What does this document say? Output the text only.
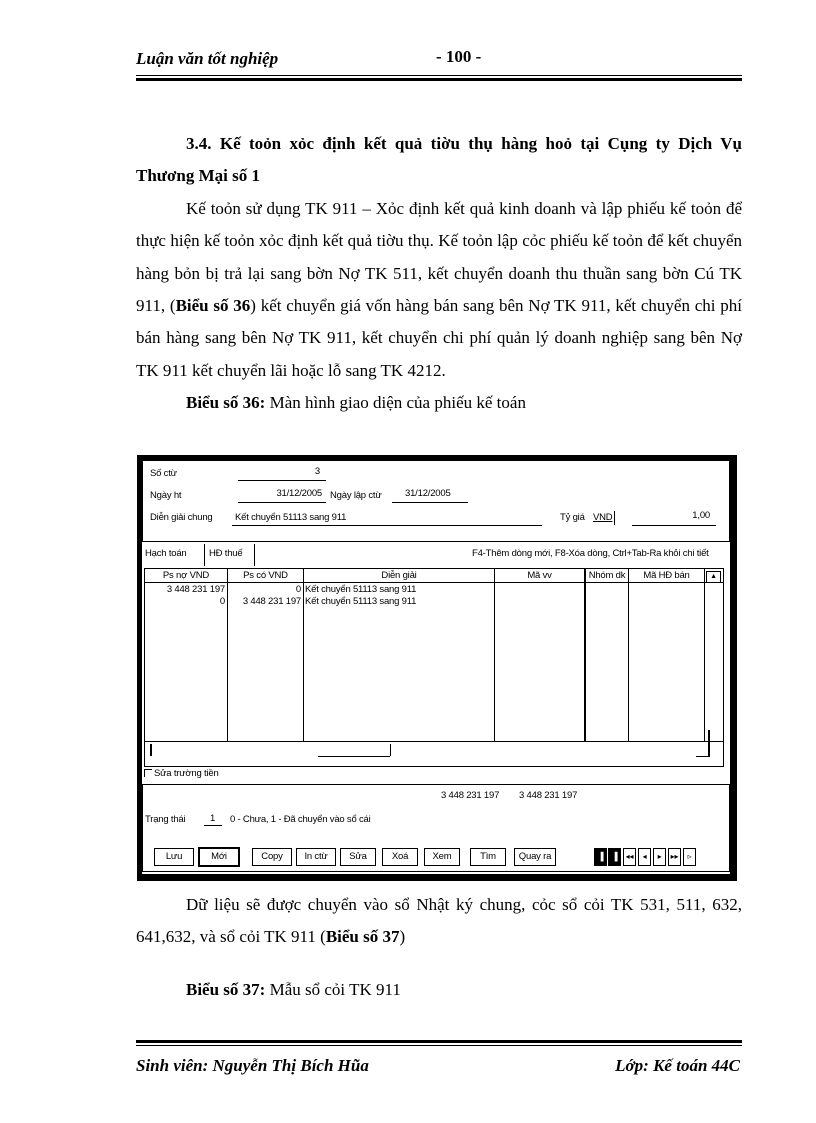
Luận văn tốt nghiệp	- 100 -
3.4. Kế toỏn xỏc định kết quả tiờu thụ hàng hoỏ tại Cụng ty Dịch Vụ Thương Mại số 1
Kế toỏn sử dụng TK 911 – Xỏc định kết quả kinh doanh và lập phiếu kế toỏn để thực hiện kế toỏn xỏc định kết quả tiờu thụ. Kế toỏn lập cỏc phiếu kế toỏn để kết chuyển hàng bỏn bị trả lại sang bờn Nợ TK 511, kết chuyển doanh thu thuần sang bờn Cú TK 911, (Biểu số 36) kết chuyển giá vốn hàng bán sang bên Nợ TK 911, kết chuyển chi phí bán hàng sang bên Nợ TK 911, kết chuyển chi phí quản lý doanh nghiệp sang bên Nợ TK 911 kết chuyển lãi hoặc lỗ sang TK 4212.
Biểu số 36: Màn hình giao diện của phiếu kế toán
Số ctừ	3
Ngày ht	31/12/2005 Ngày lập ctừ 31/12/2005
Diễn giải chung Kết chuyển 51113 sang 911	Tỷ giá VND	1,00
Hạch toán HĐ thuế	F4-Thêm dòng mới, F8-Xóa dòng, Ctrl+Tab-Ra khỏi chi tiết
Ps nợ VND	Ps có VND	Diễn giải	Mã vv	Nhóm dk	Mã HĐ bán	▲
3 448 231 197	0 Kết chuyển 51113 sang 911
0	3 448 231 197 Kết chuyển 51113 sang 911
Sửa trường tiền
3 448 231 197 3 448 231 197
Trạng thái	1 0 - Chưa, 1 - Đã chuyển vào sổ cái
Lưu	Mới	Copy	In ctừ	Sửa	Xoá	Xem	Tìm	Quay ra	▐	▐	◂◂	◂	▸	▸▸	▹
Dữ liệu sẽ được chuyển vào sổ Nhật ký chung, cỏc sổ cỏi TK 531, 511, 632, 641,632, và sổ cỏi TK 911 (Biểu số 37)
Biểu số 37: Mẫu sổ cỏi TK 911
Sinh viên: Nguyễn Thị Bích Hũa	Lớp: Kế toán 44C
